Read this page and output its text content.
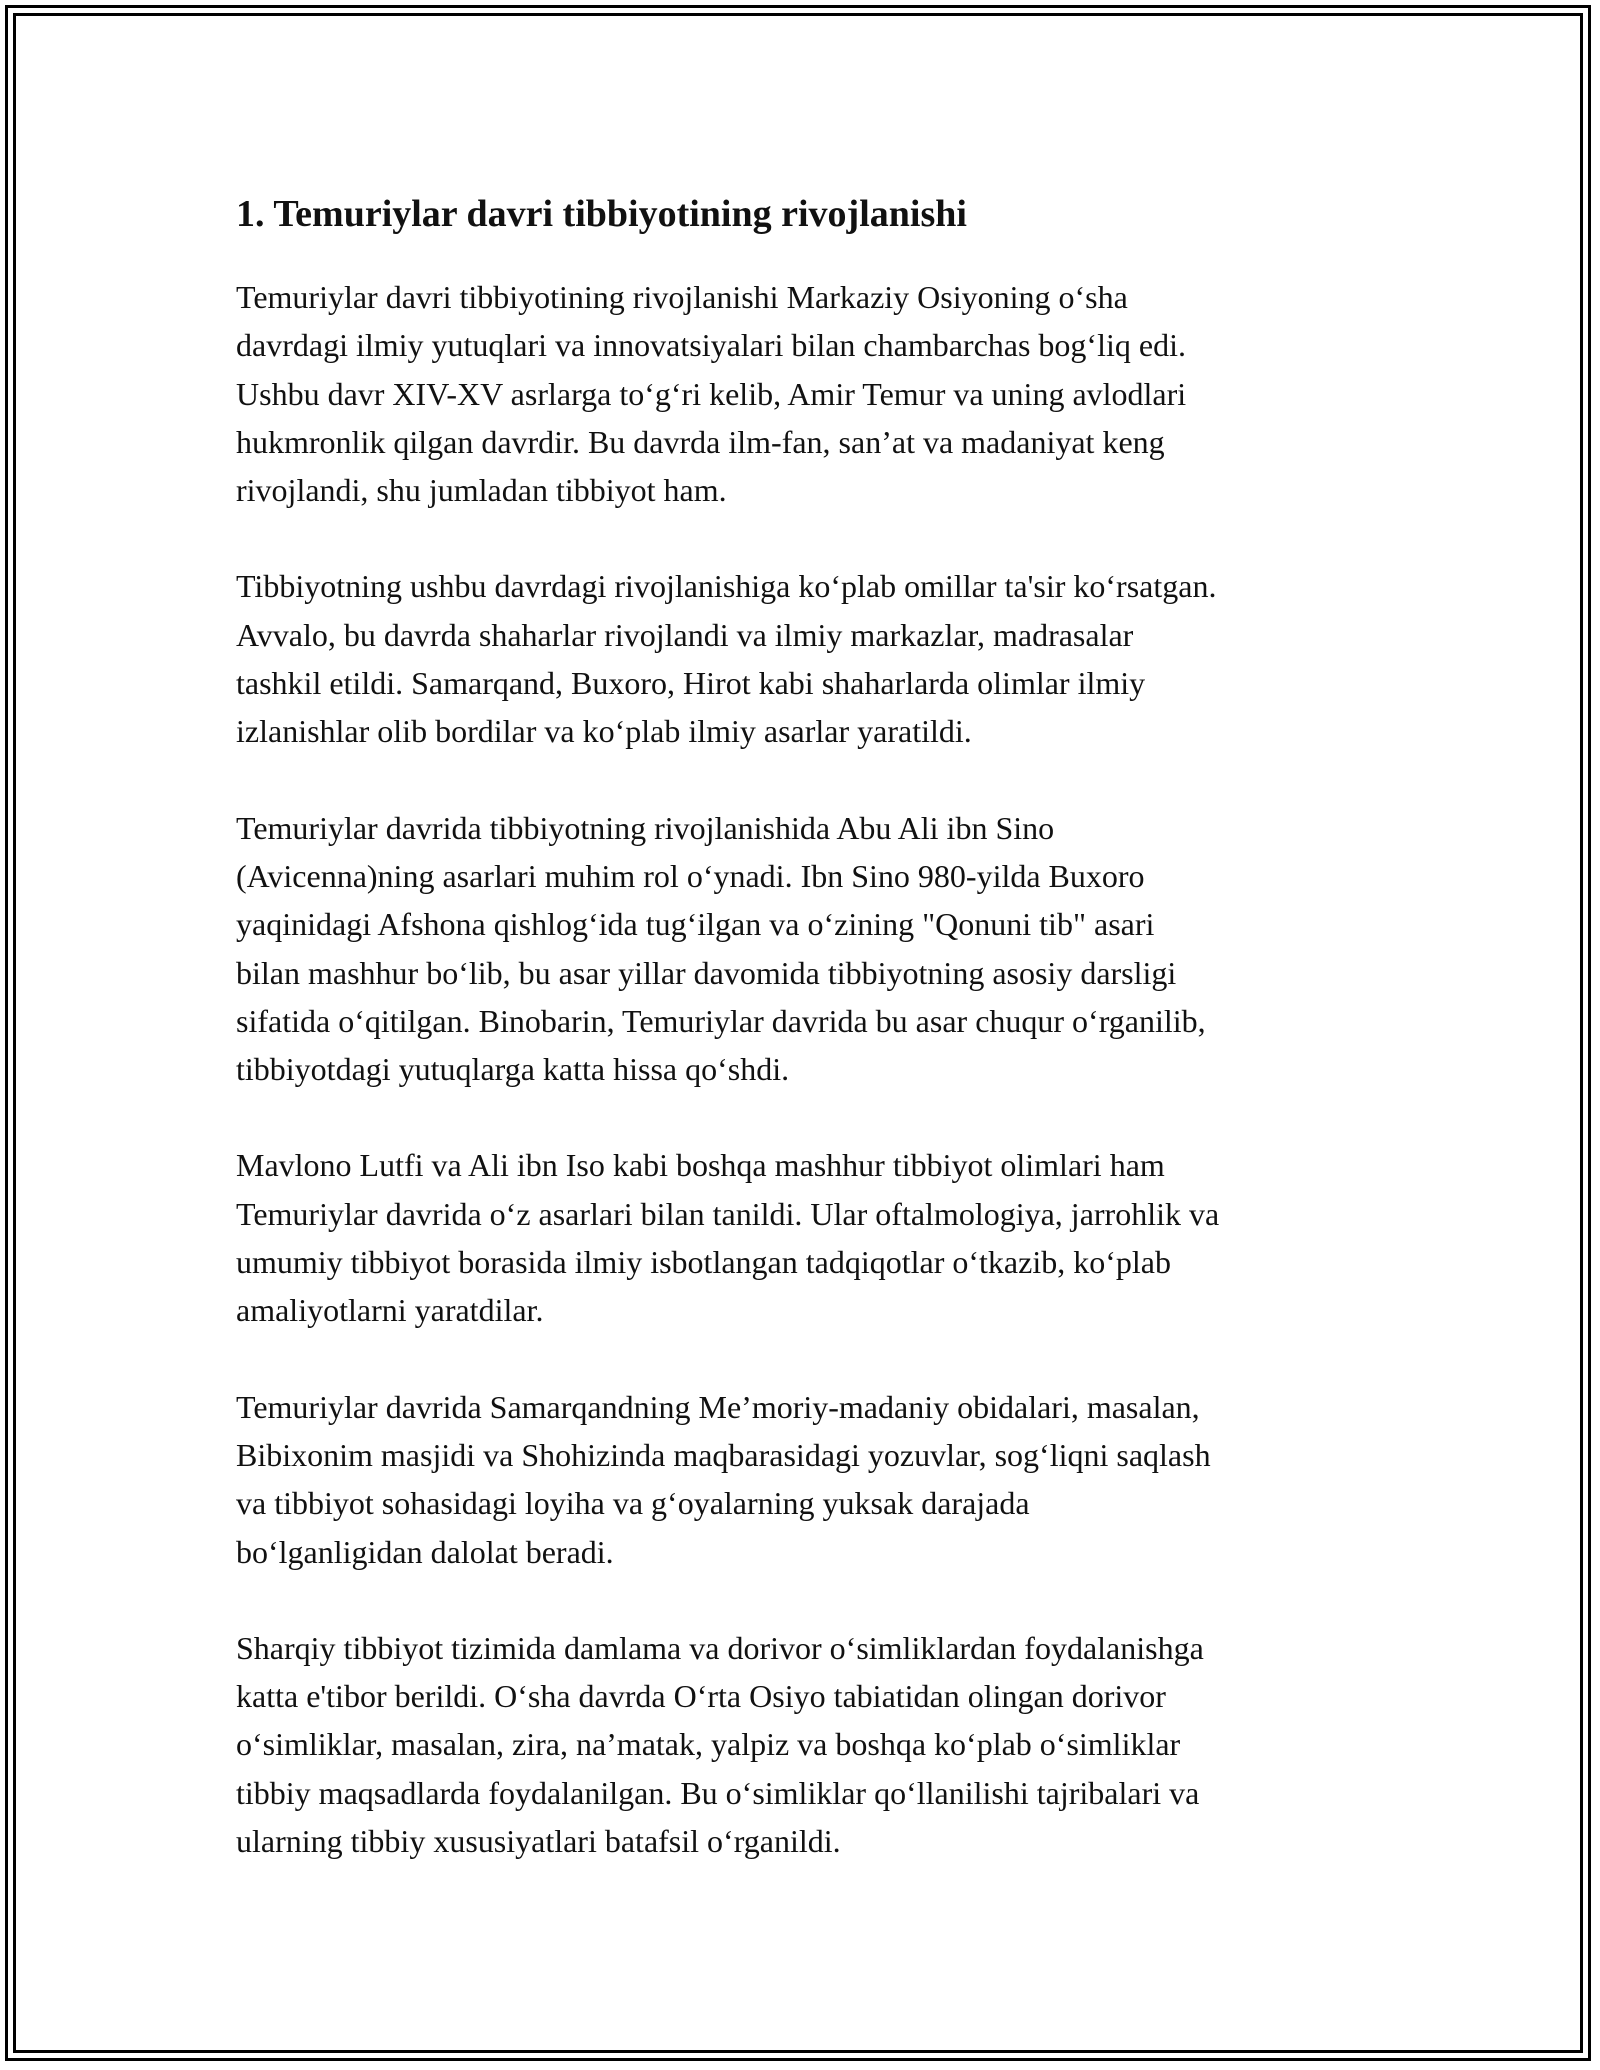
1. Temuriylar davri tibbiyotining rivojlanishi

Temuriylar davri tibbiyotining rivojlanishi Markaziy Osiyoning o‘sha
davrdagi ilmiy yutuqlari va innovatsiyalari bilan chambarchas bog‘liq edi.
Ushbu davr XIV-XV asrlarga to‘g‘ri kelib, Amir Temur va uning avlodlari
hukmronlik qilgan davrdir. Bu davrda ilm-fan, san’at va madaniyat keng
rivojlandi, shu jumladan tibbiyot ham.

Tibbiyotning ushbu davrdagi rivojlanishiga ko‘plab omillar ta'sir ko‘rsatgan.
Avvalo, bu davrda shaharlar rivojlandi va ilmiy markazlar, madrasalar
tashkil etildi. Samarqand, Buxoro, Hirot kabi shaharlarda olimlar ilmiy
izlanishlar olib bordilar va ko‘plab ilmiy asarlar yaratildi.

Temuriylar davrida tibbiyotning rivojlanishida Abu Ali ibn Sino
(Avicenna)ning asarlari muhim rol o‘ynadi. Ibn Sino 980-yilda Buxoro
yaqinidagi Afshona qishlog‘ida tug‘ilgan va o‘zining "Qonuni tib" asari
bilan mashhur bo‘lib, bu asar yillar davomida tibbiyotning asosiy darsligi
sifatida o‘qitilgan. Binobarin, Temuriylar davrida bu asar chuqur o‘rganilib,
tibbiyotdagi yutuqlarga katta hissa qo‘shdi.

Mavlono Lutfi va Ali ibn Iso kabi boshqa mashhur tibbiyot olimlari ham
Temuriylar davrida o‘z asarlari bilan tanildi. Ular oftalmologiya, jarrohlik va
umumiy tibbiyot borasida ilmiy isbotlangan tadqiqotlar o‘tkazib, ko‘plab
amaliyotlarni yaratdilar.

Temuriylar davrida Samarqandning Me’moriy-madaniy obidalari, masalan,
Bibixonim masjidi va Shohizinda maqbarasidagi yozuvlar, sog‘liqni saqlash
va tibbiyot sohasidagi loyiha va g‘oyalarning yuksak darajada
bo‘lganligidan dalolat beradi.

Sharqiy tibbiyot tizimida damlama va dorivor o‘simliklardan foydalanishga
katta e'tibor berildi. O‘sha davrda O‘rta Osiyo tabiatidan olingan dorivor
o‘simliklar, masalan, zira, na’matak, yalpiz va boshqa ko‘plab o‘simliklar
tibbiy maqsadlarda foydalanilgan. Bu o‘simliklar qo‘llanilishi tajribalari va
ularning tibbiy xususiyatlari batafsil o‘rganildi.
